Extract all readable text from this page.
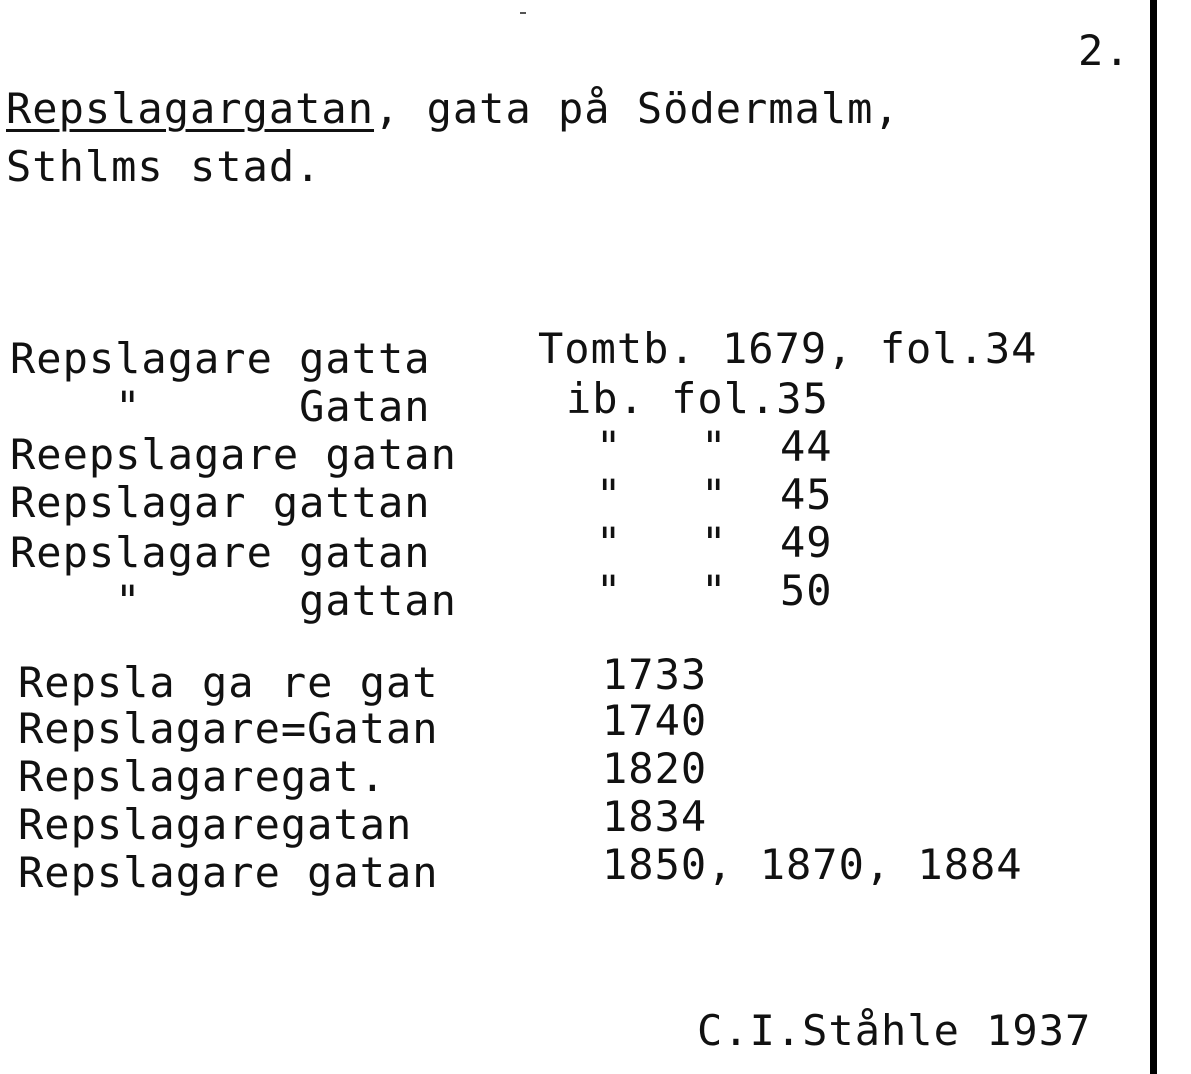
2.
Repslagargatan, gata på Södermalm,
Sthlms stad.
Repslagare gatta	Tomtb. 1679, fol.34
"      Gatan	ib. fol.35
Reepslagare gatan	"   "  44
Repslagar gattan	"   "  45
Repslagare gatan	"   "  49
"      gattan	"   "  50
Repsla ga re gat	1733
Repslagare=Gatan	1740
Repslagaregat.	1820
Repslagaregatan	1834
Repslagare gatan	1850, 1870, 1884
C.I.Ståhle 1937
